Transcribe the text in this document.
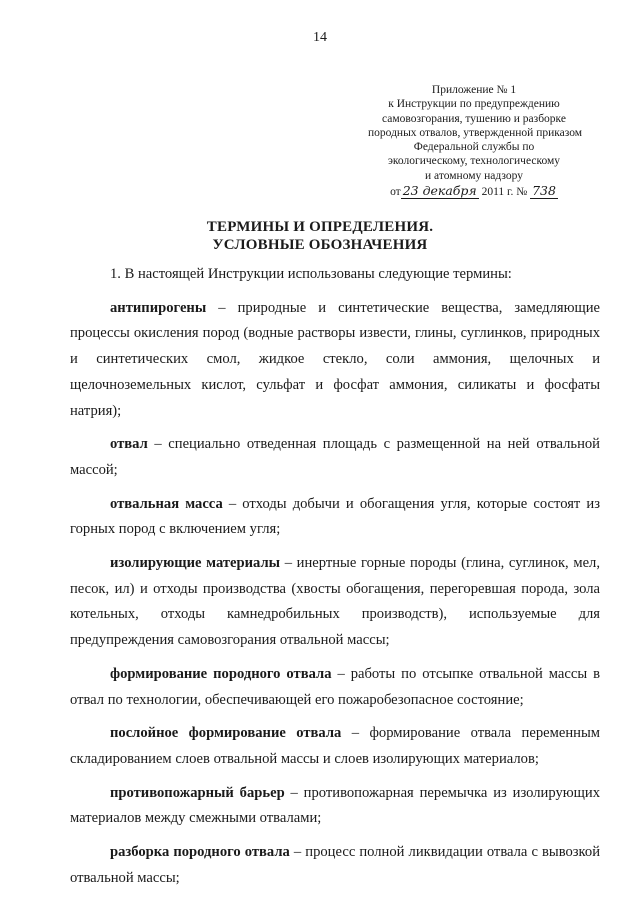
14
Приложение № 1
к Инструкции по предупреждению
самовозгорания, тушению и разборке
породных отвалов, утвержденной приказом
Федеральной службы по
экологическому, технологическому
и атомному надзору
от 23 декабря 2011 г. № 738
ТЕРМИНЫ И ОПРЕДЕЛЕНИЯ.
УСЛОВНЫЕ ОБОЗНАЧЕНИЯ

1. В настоящей Инструкции использованы следующие термины:

антипирогены – природные и синтетические вещества, замедляющие процессы окисления пород (водные растворы извести, глины, суглинков, природных и синтетических смол, жидкое стекло, соли аммония, щелочных и щелочноземельных кислот, сульфат и фосфат аммония, силикаты и фосфаты натрия);

отвал – специально отведенная площадь с размещенной на ней отвальной массой;

отвальная масса – отходы добычи и обогащения угля, которые состоят из горных пород с включением угля;

изолирующие материалы – инертные горные породы (глина, суглинок, мел, песок, ил) и отходы производства (хвосты обогащения, перегоревшая порода, зола котельных, отходы камнедробильных производств), используемые для предупреждения самовозгорания отвальной массы;

формирование породного отвала – работы по отсыпке отвальной массы в отвал по технологии, обеспечивающей его пожаробезопасное состояние;

послойное формирование отвала – формирование отвала переменным складированием слоев отвальной массы и слоев изолирующих материалов;

противопожарный барьер – противопожарная перемычка из изолирующих материалов между смежными отвалами;

разборка породного отвала – процесс полной ликвидации отвала с вывозкой отвальной массы;
